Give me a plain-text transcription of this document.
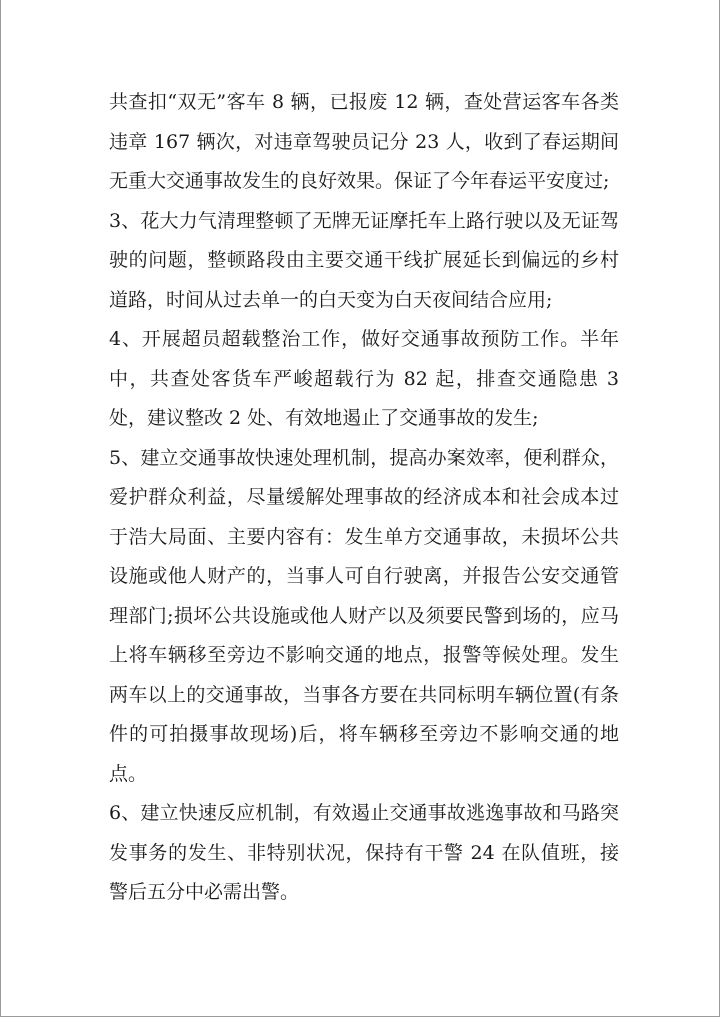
共查扣“双无”客车 8 辆，已报废 12 辆，查处营运客车各类违章 167 辆次，对违章驾驶员记分 23 人，收到了春运期间无重大交通事故发生的良好效果。保证了今年春运平安度过;

3、花大力气清理整顿了无牌无证摩托车上路行驶以及无证驾驶的问题，整顿路段由主要交通干线扩展延长到偏远的乡村道路，时间从过去单一的白天变为白天夜间结合应用;

4、开展超员超载整治工作，做好交通事故预防工作。半年中，共查处客货车严峻超载行为 82 起，排查交通隐患 3 处，建议整改 2 处、有效地遏止了交通事故的发生;

5、建立交通事故快速处理机制，提高办案效率，便利群众，爱护群众利益，尽量缓解处理事故的经济成本和社会成本过于浩大局面、主要内容有：发生单方交通事故，未损坏公共设施或他人财产的，当事人可自行驶离，并报告公安交通管理部门;损坏公共设施或他人财产以及须要民警到场的，应马上将车辆移至旁边不影响交通的地点，报警等候处理。发生两车以上的交通事故，当事各方要在共同标明车辆位置(有条件的可拍摄事故现场)后，将车辆移至旁边不影响交通的地点。

6、建立快速反应机制，有效遏止交通事故逃逸事故和马路突发事务的发生、非特别状况，保持有干警 24 在队值班，接警后五分中必需出警。
